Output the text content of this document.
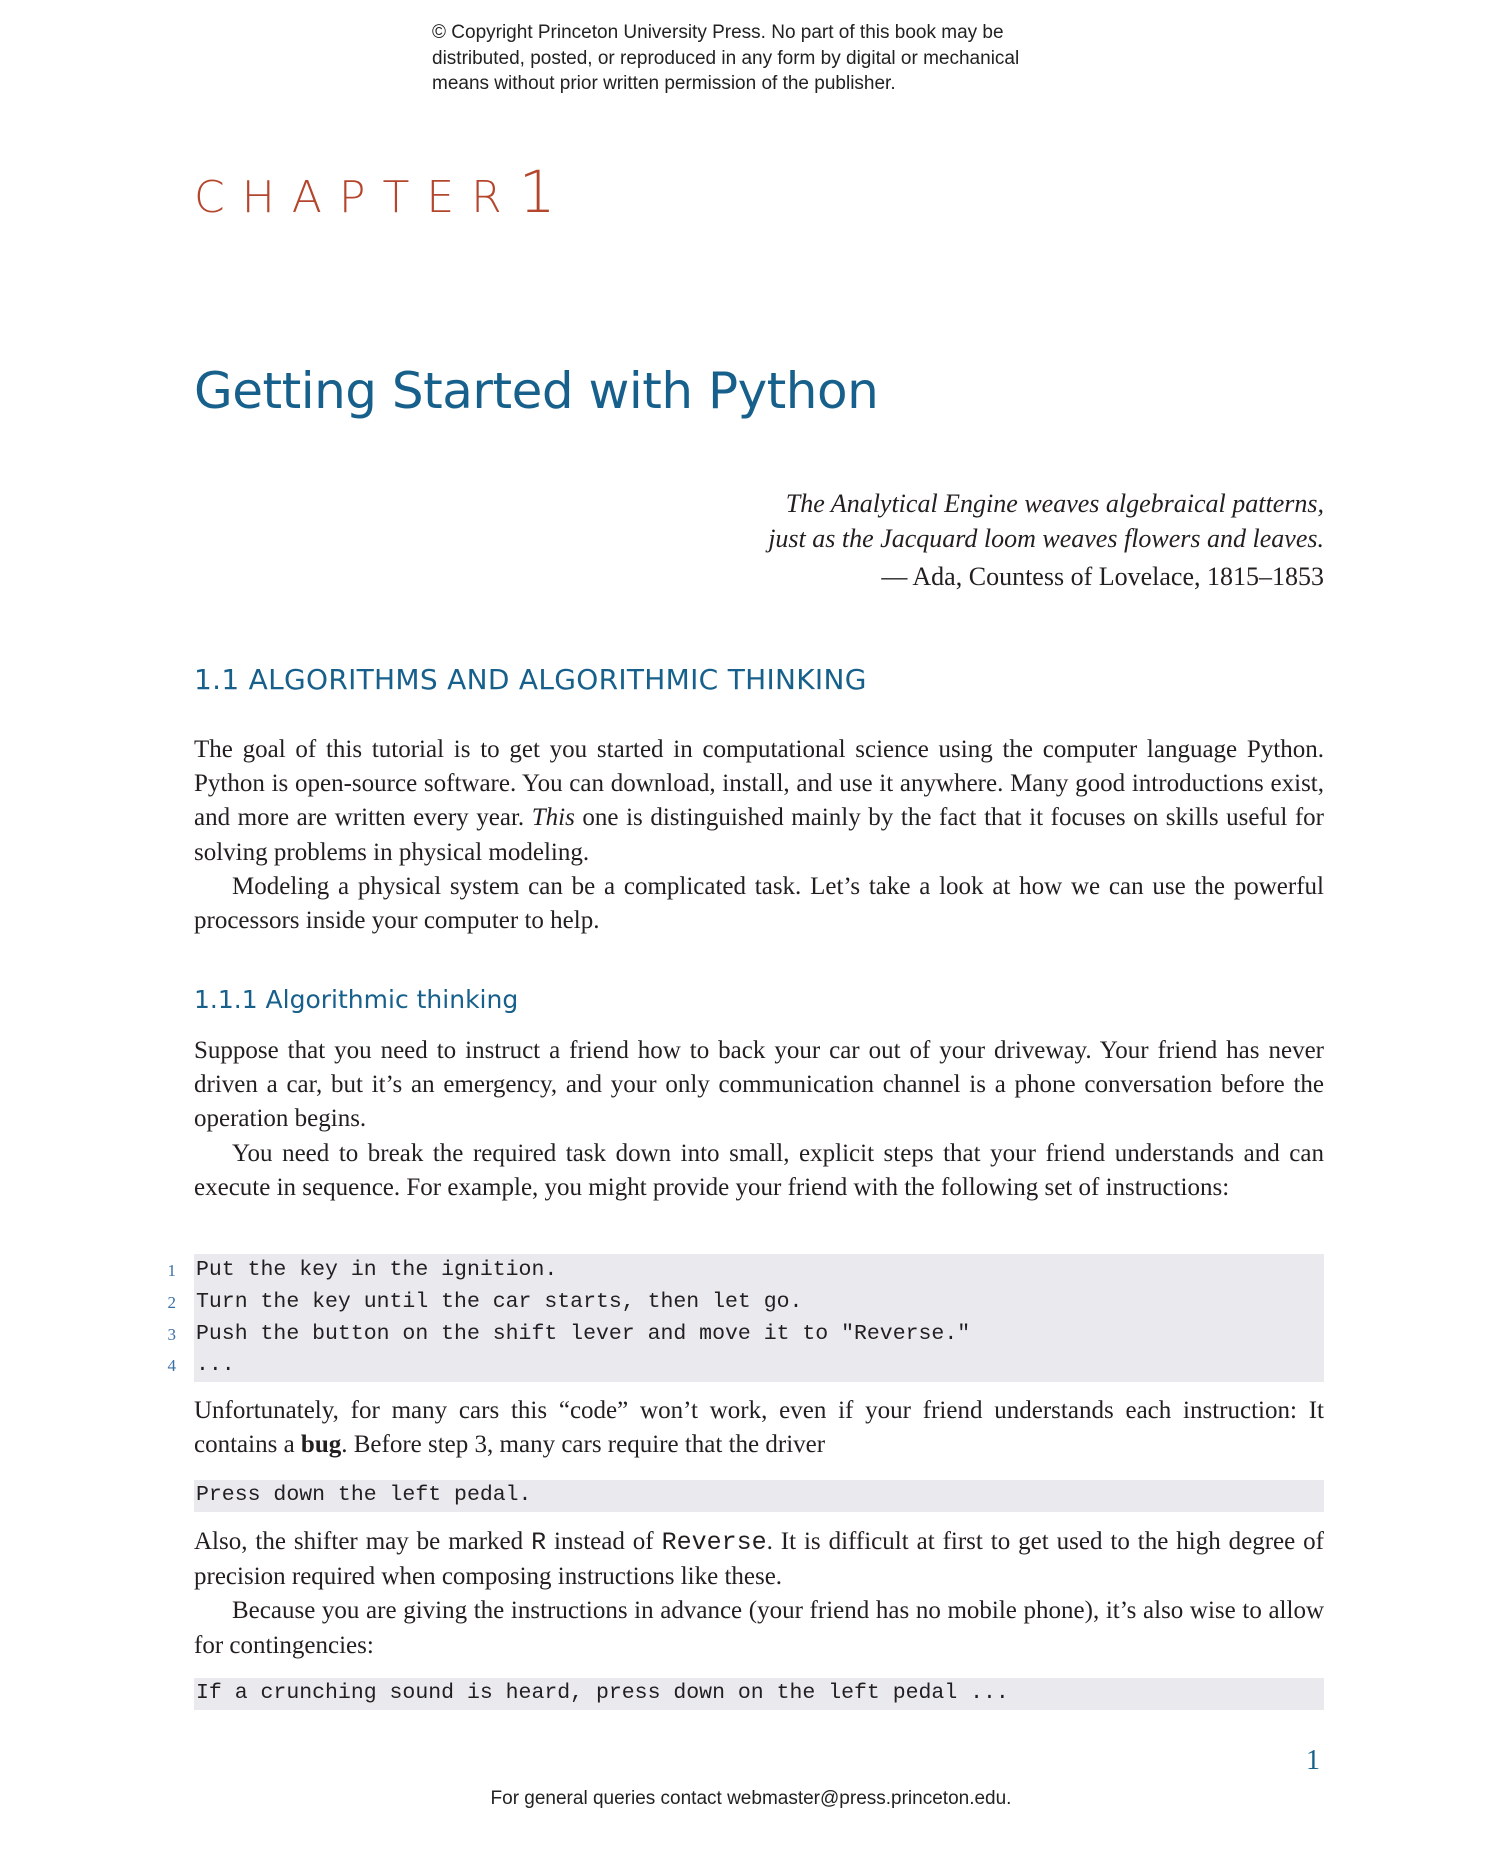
© Copyright Princeton University Press. No part of this book may be
distributed, posted, or reproduced in any form by digital or mechanical
means without prior written permission of the publisher.
CHAPTER1
Getting Started with Python
The Analytical Engine weaves algebraical patterns,
just as the Jacquard loom weaves flowers and leaves.
— Ada, Countess of Lovelace, 1815–1853
1.1 ALGORITHMS AND ALGORITHMIC THINKING

The goal of this tutorial is to get you started in computational science using the computer language Python. Python is open-source software. You can download, install, and use it anywhere. Many good introductions exist, and more are written every year. This one is distinguished mainly by the fact that it focuses on skills useful for solving problems in physical modeling.

Modeling a physical system can be a complicated task. Let’s take a look at how we can use the powerful processors inside your computer to help.

1.1.1 Algorithmic thinking

Suppose that you need to instruct a friend how to back your car out of your driveway. Your friend has never driven a car, but it’s an emergency, and your only communication channel is a phone conversation before the operation begins.

You need to break the required task down into small, explicit steps that your friend understands and can execute in sequence. For example, you might provide your friend with the following set of instructions:

1 Put the key in the ignition.
2 Turn the key until the car starts, then let go.
3 Push the button on the shift lever and move it to "Reverse."
4 ...

Unfortunately, for many cars this “code” won’t work, even if your friend understands each instruction: It contains a bug. Before step 3, many cars require that the driver

Press down the left pedal.

Also, the shifter may be marked R instead of Reverse. It is difficult at first to get used to the high degree of precision required when composing instructions like these.

Because you are giving the instructions in advance (your friend has no mobile phone), it’s also wise to allow for contingencies:

If a crunching sound is heard, press down on the left pedal ...
1
For general queries contact webmaster@press.princeton.edu.
